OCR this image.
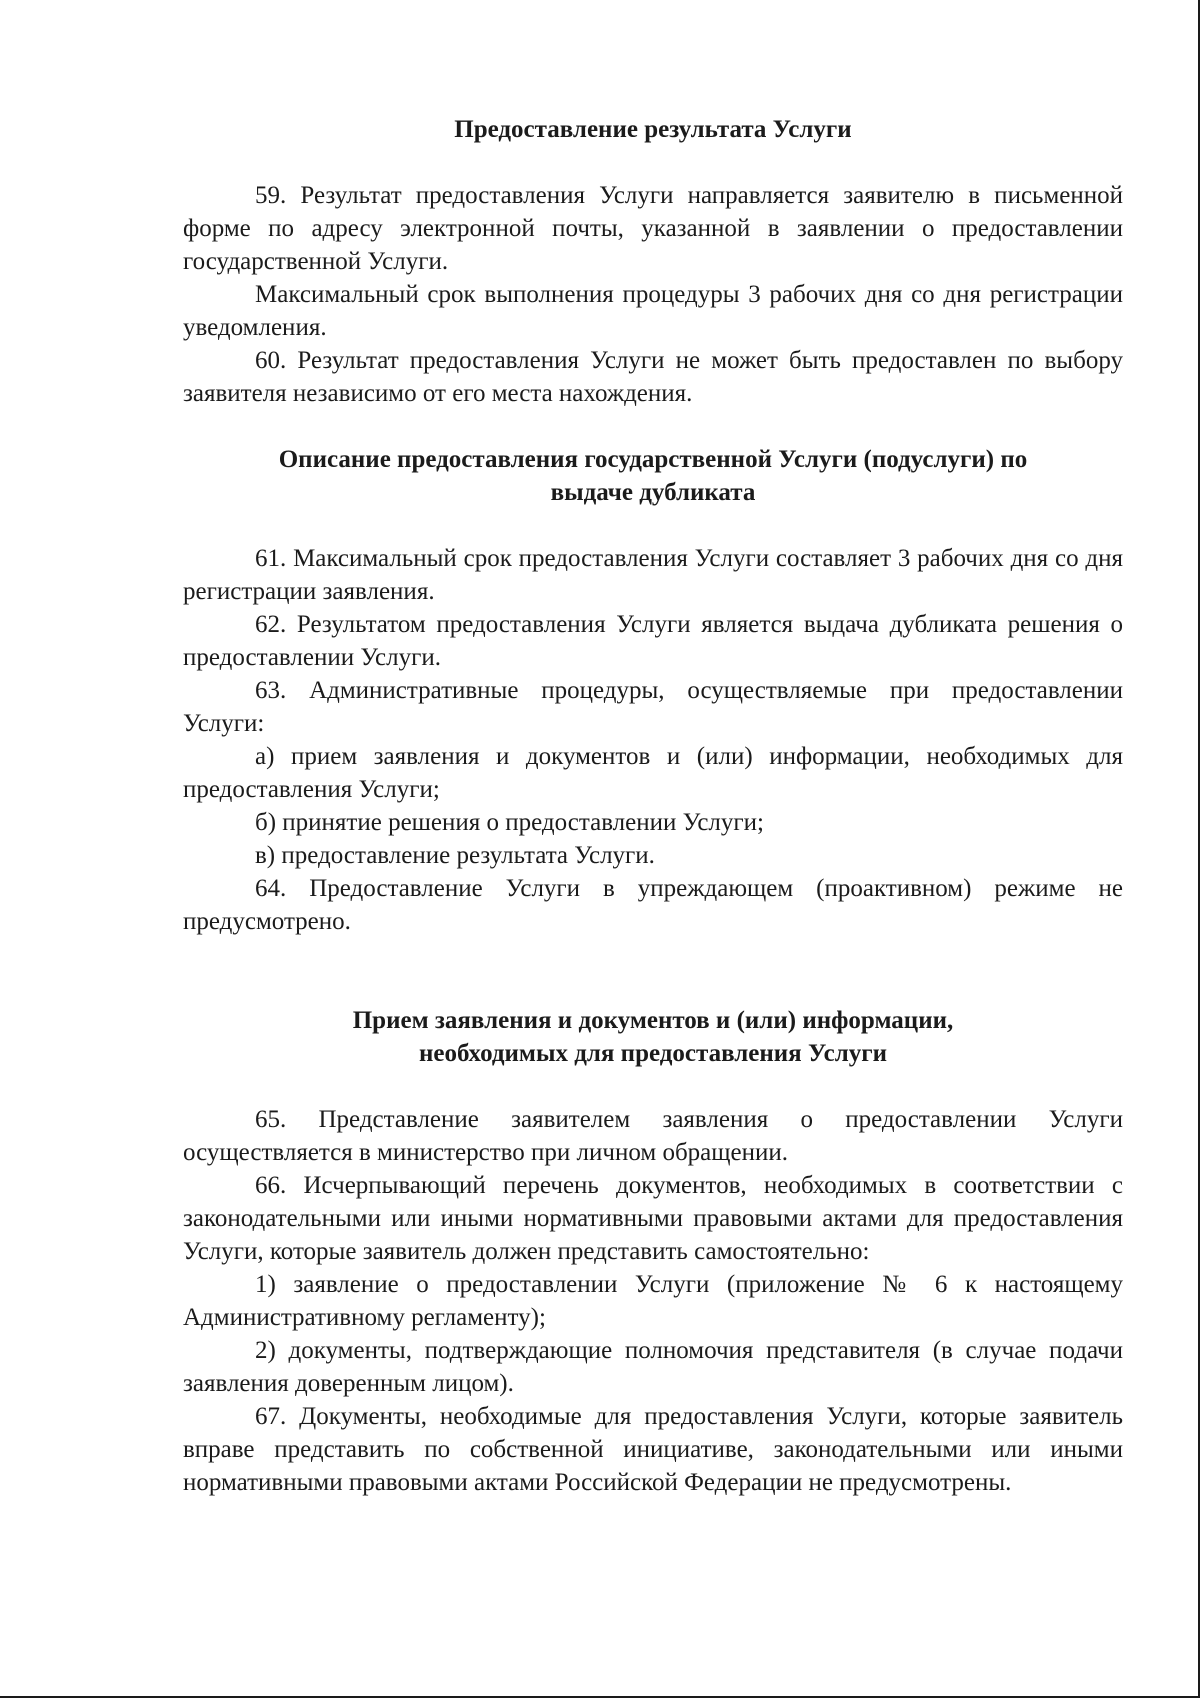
Предоставление результата Услуги

59. Результат предоставления Услуги направляется заявителю в письменной форме по адресу электронной почты, указанной в заявлении о предоставлении государственной Услуги.

Максимальный срок выполнения процедуры 3 рабочих дня со дня регистрации уведомления.

60. Результат предоставления Услуги не может быть предоставлен по выбору заявителя независимо от его места нахождения.

Описание предоставления государственной Услуги (подуслуги) по
выдаче дубликата

61. Максимальный срок предоставления Услуги составляет 3 рабочих дня со дня регистрации заявления.

62. Результатом предоставления Услуги является выдача дубликата решения о предоставлении Услуги.

63. Административные процедуры, осуществляемые при предоставлении Услуги:

а) прием заявления и документов и (или) информации, необходимых для предоставления Услуги;

б) принятие решения о предоставлении Услуги;

в) предоставление результата Услуги.

64. Предоставление Услуги в упреждающем (проактивном) режиме не предусмотрено.

Прием заявления и документов и (или) информации,
необходимых для предоставления Услуги

65. Представление заявителем заявления о предоставлении Услуги осуществляется в министерство при личном обращении.

66. Исчерпывающий перечень документов, необходимых в соответствии с законодательными или иными нормативными правовыми актами для предоставления Услуги, которые заявитель должен представить самостоятельно:

1) заявление о предоставлении Услуги (приложение № 6 к настоящему Административному регламенту);

2) документы, подтверждающие полномочия представителя (в случае подачи заявления доверенным лицом).

67. Документы, необходимые для предоставления Услуги, которые заявитель вправе представить по собственной инициативе, законодательными или иными нормативными правовыми актами Российской Федерации не предусмотрены.
